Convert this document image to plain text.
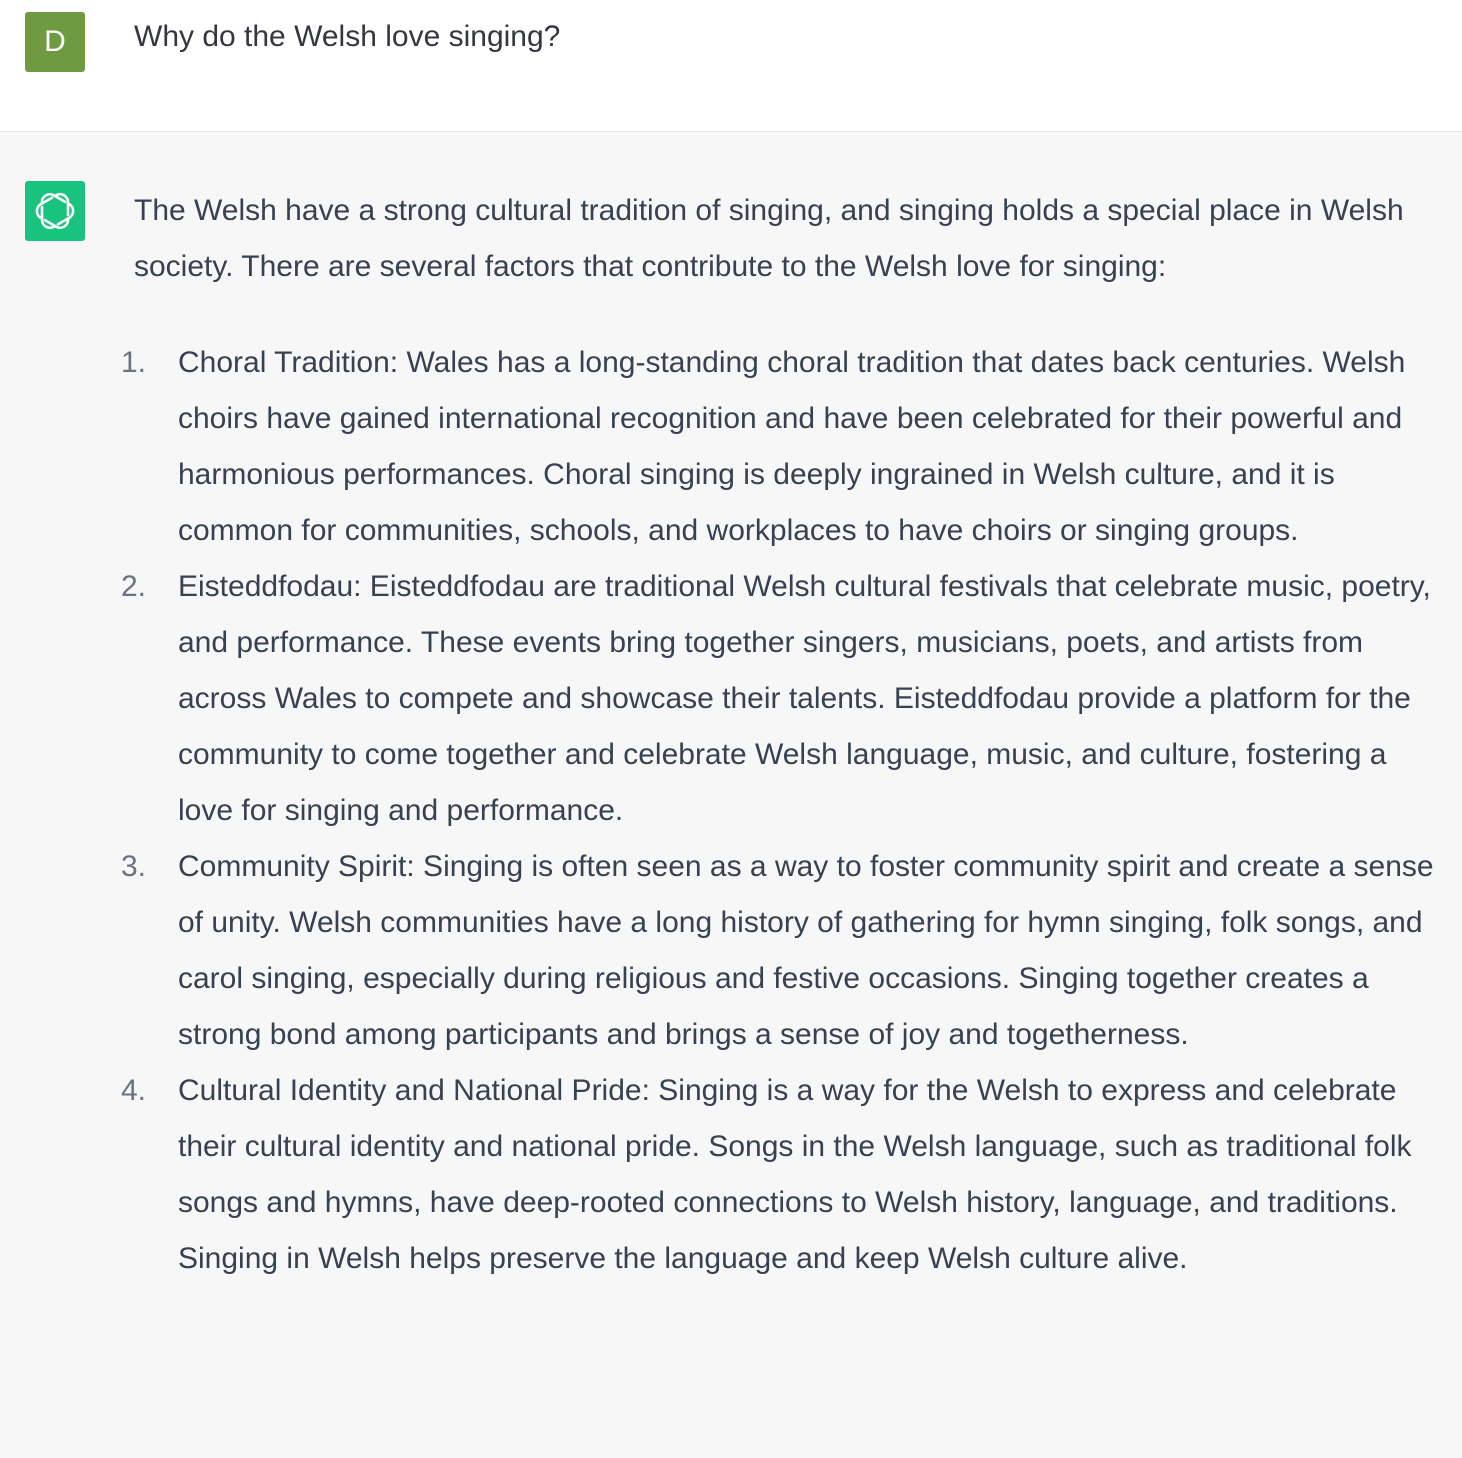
D	Why do the Welsh love singing?

The Welsh have a strong cultural tradition of singing, and singing holds a special place in Welsh society. There are several factors that contribute to the Welsh love for singing:

1. Choral Tradition: Wales has a long-standing choral tradition that dates back centuries. Welsh choirs have gained international recognition and have been celebrated for their powerful and harmonious performances. Choral singing is deeply ingrained in Welsh culture, and it is common for communities, schools, and workplaces to have choirs or singing groups.
2. Eisteddfodau: Eisteddfodau are traditional Welsh cultural festivals that celebrate music, poetry, and performance. These events bring together singers, musicians, poets, and artists from across Wales to compete and showcase their talents. Eisteddfodau provide a platform for the community to come together and celebrate Welsh language, music, and culture, fostering a love for singing and performance.
3. Community Spirit: Singing is often seen as a way to foster community spirit and create a sense of unity. Welsh communities have a long history of gathering for hymn singing, folk songs, and carol singing, especially during religious and festive occasions. Singing together creates a strong bond among participants and brings a sense of joy and togetherness.
4. Cultural Identity and National Pride: Singing is a way for the Welsh to express and celebrate their cultural identity and national pride. Songs in the Welsh language, such as traditional folk songs and hymns, have deep-rooted connections to Welsh history, language, and traditions. Singing in Welsh helps preserve the language and keep Welsh culture alive.
